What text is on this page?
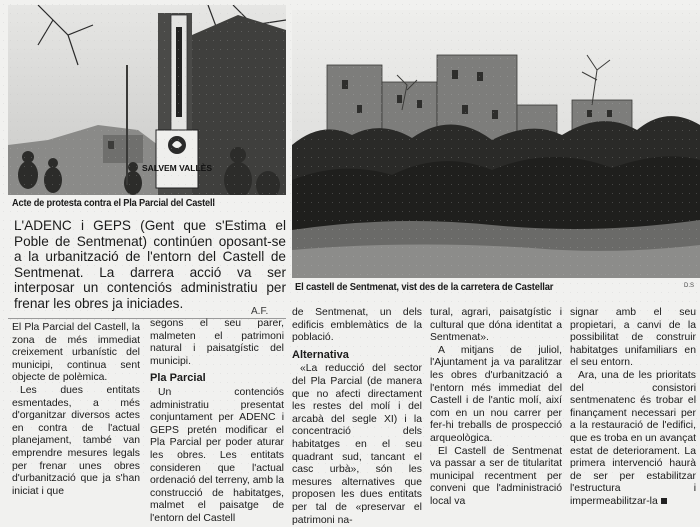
SALVEM VALLÈS
Acte de protesta contra el Pla Parcial del Castell
El castell de Sentmenat, vist des de la carretera de Castellar	D.S
L'ADENC i GEPS (Gent que s'Estima el Poble de Sentmenat) continúen oposant-se a la urbanització de l'entorn del Castell de Sentmenat. La darrera acció va ser interposar un contenciós administratiu per frenar les obres ja iniciades.
A.F.

El Pla Parcial del Castell, la zona de més immediat creixement urbanístic del municipi, continua sent objecte de polèmica.

Les dues entitats esmentades, a més d'organitzar diversos actes en contra de l'actual planejament, també van emprendre mesures legals per frenar unes obres d'urbanització que ja s'han iniciat i que

segons el seu parer, malmeten el patrimoni natural i paisatgístic del municipi.

Pla Parcial

Un contenciós administratiu presentat conjuntament per ADENC i GEPS pretén modificar el Pla Parcial per poder aturar les obres. Les entitats consideren que l'actual ordenació del terreny, amb la construcció de habitatges, malmet el paisatge de l'entorn del Castell

de Sentmenat, un dels edificis emblemàtics de la població.

Alternativa

«La reducció del sector del Pla Parcial (de manera que no afecti directament les restes del molí i del arcabà del segle XI) i la concentració dels habitatges en el seu quadrant sud, tancant el casc urbà», són les mesures alternatives que proposen les dues entitats per tal de «preservar el patrimoni na-

tural, agrari, paisatgístic i cultural que dóna identitat a Sentmenat».

A mitjans de juliol, l'Ajuntament ja va paralitzar les obres d'urbanització a l'entorn més immediat del Castell i de l'antic molí, així com en un nou carrer per fer-hi treballs de prospecció arqueològica.

El Castell de Sentmenat va passar a ser de titularitat municipal recentment per conveni que l'administració local va

signar amb el seu propietari, a canvi de la possibilitat de construir habitatges unifamiliars en el seu entorn.

Ara, una de les prioritats del consistori sentmenatenc és trobar el finançament necessari per a la restauració de l'edifici, que es troba en un avançat estat de deteriorament. La primera intervenció haurà de ser per estabilitzar l'estructura i impermeabilitzar-la
